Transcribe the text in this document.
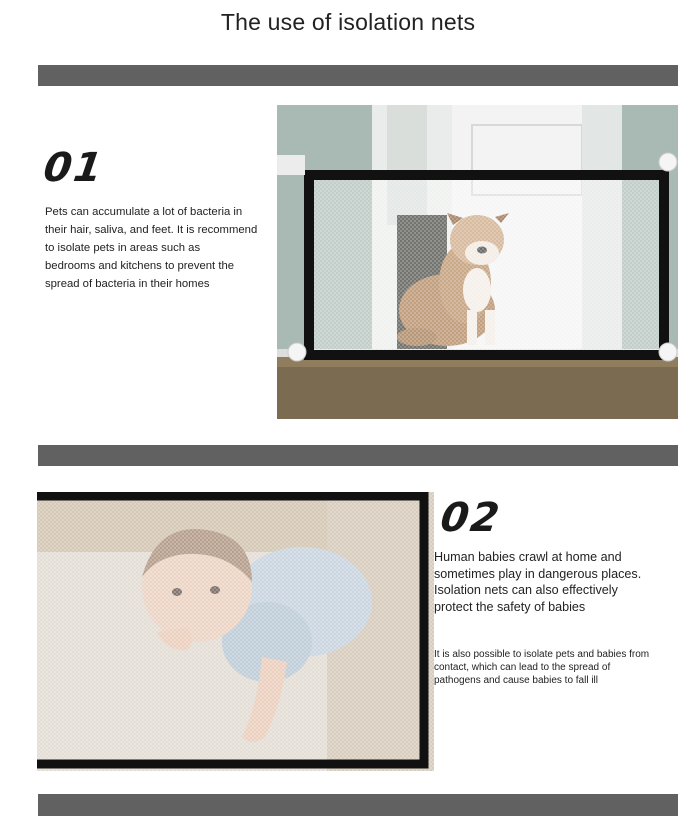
The use of isolation nets
01
Pets can accumulate a lot of bacteria in
their hair, saliva, and feet. It is recommend
to isolate pets in areas such as
bedrooms and kitchens to prevent the
spread of bacteria in their homes
02
Human babies crawl at home and
sometimes play in dangerous places.
Isolation nets can also effectively
protect the safety of babies
It is also possible to isolate pets and babies from
contact, which can lead to the spread of
pathogens and cause babies to fall ill
